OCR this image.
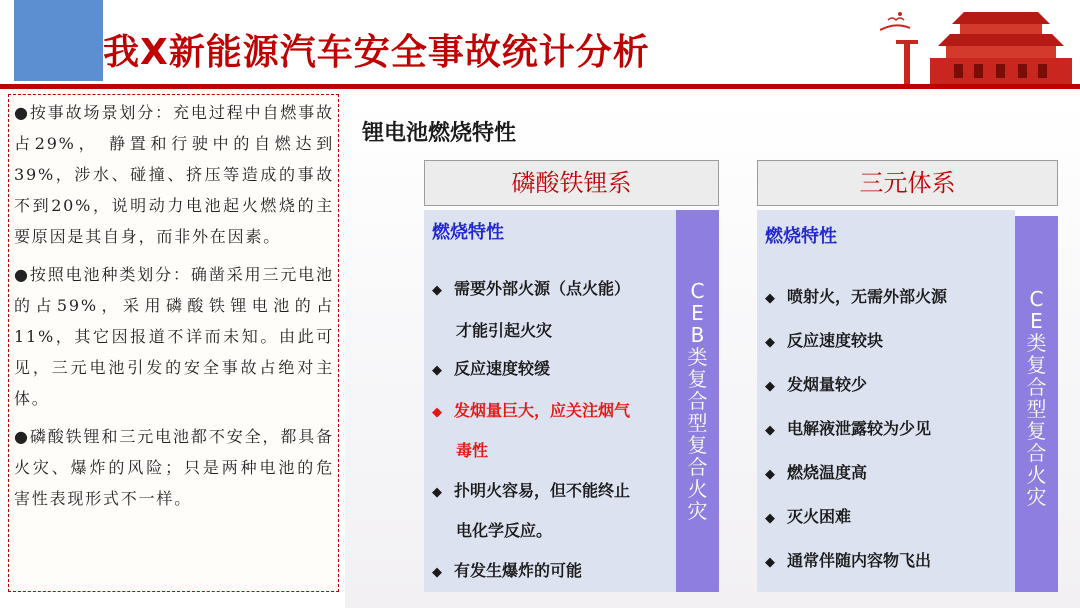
我X新能源汽车安全事故统计分析

●按事故场景划分：充电过程中自燃事故占29%， 静置和行驶中的自燃达到39%，涉水、碰撞、挤压等造成的事故不到20%，说明动力电池起火燃烧的主要原因是其自身，而非外在因素。

●按照电池种类划分：确凿采用三元电池的占59%，采用磷酸铁锂电池的占11%，其它因报道不详而未知。由此可见，三元电池引发的安全事故占绝对主体。

●磷酸铁锂和三元电池都不安全，都具备火灾、爆炸的风险；只是两种电池的危害性表现形式不一样。

锂电池燃烧特性
磷酸铁锂系
燃烧特性
◆ 需要外部火源（点火能）
才能引起火灾
◆ 反应速度较缓
◆ 发烟量巨大，应关注烟气
毒性
◆ 扑明火容易，但不能终止
电化学反应。
◆ 有发生爆炸的可能
C
E
B
类
复
合
型
复
合
火
灾
三元体系
燃烧特性
◆ 喷射火，无需外部火源
◆ 反应速度较块
◆ 发烟量较少
◆ 电解液泄露较为少见
◆ 燃烧温度高
◆ 灭火困难
◆ 通常伴随内容物飞出
C
E
类
复
合
型
复
合
火
灾
